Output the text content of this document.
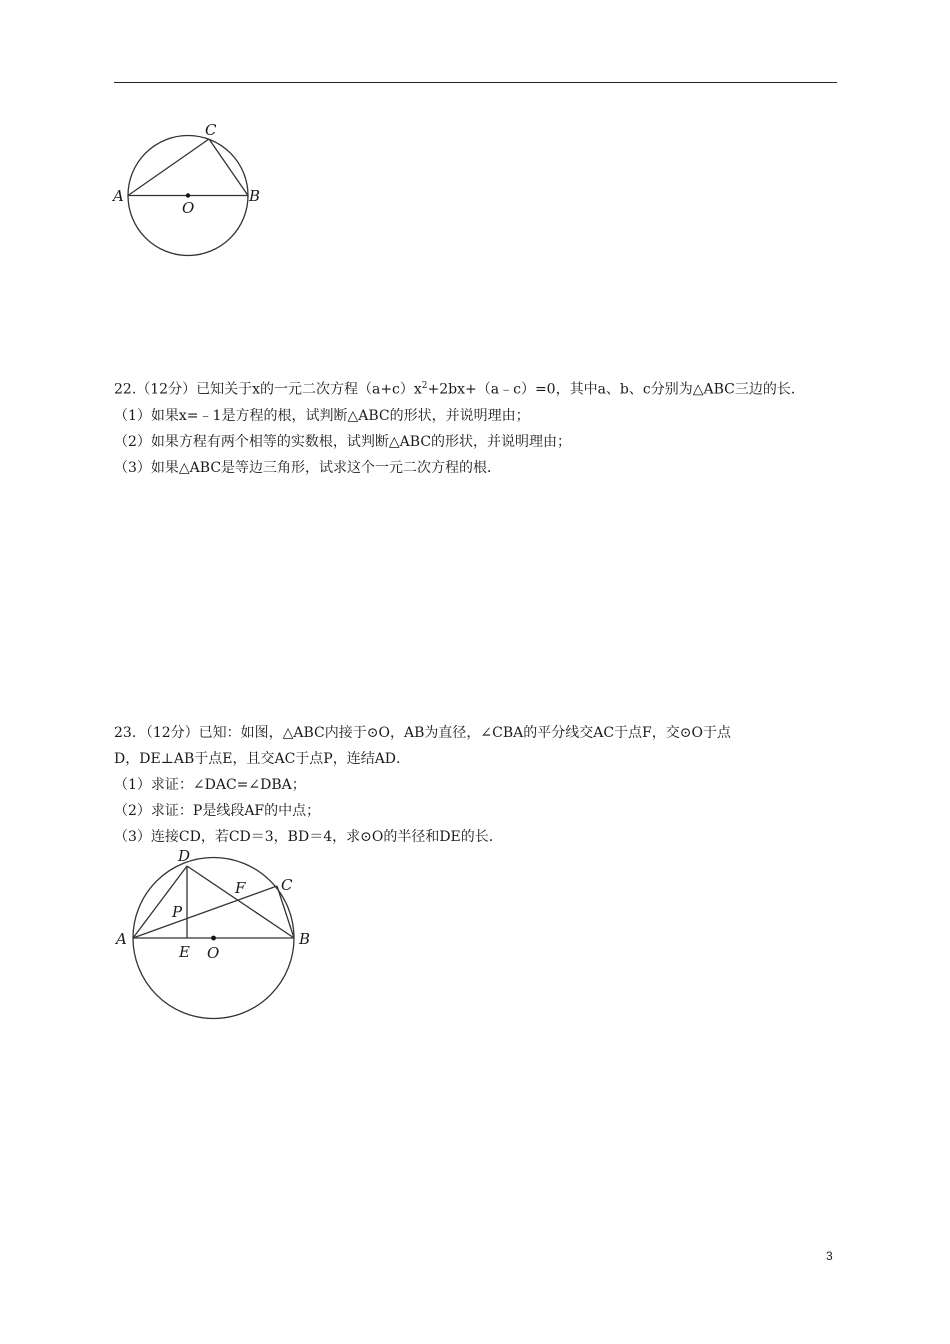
A	B
C
O

22.（12分）已知关于x的一元二次方程$(a+c)x^2+2bx+(a﹣c)=0$，其中a、b、c分别为△ABC三边的长．

（1）如果x=﹣1是方程的根，试判断△ABC的形状，并说明理由；

（2）如果方程有两个相等的实数根，试判断△ABC的形状，并说明理由；

（3）如果△ABC是等边三角形，试求这个一元二次方程的根．

23．（12分）已知：如图，△ABC内接于⊙O，AB为直径，∠CBA的平分线交AC于点F，交⊙O于点

D，DE⊥AB于点E，且交AC于点P，连结AD．

（1）求证：∠DAC=∠DBA；

（2）求证：P是线段AF的中点；

（3）连接CD，若CD＝3，BD＝4，求⊙O的半径和DE的长．

A	B
C
D
E
F
O
P
3
